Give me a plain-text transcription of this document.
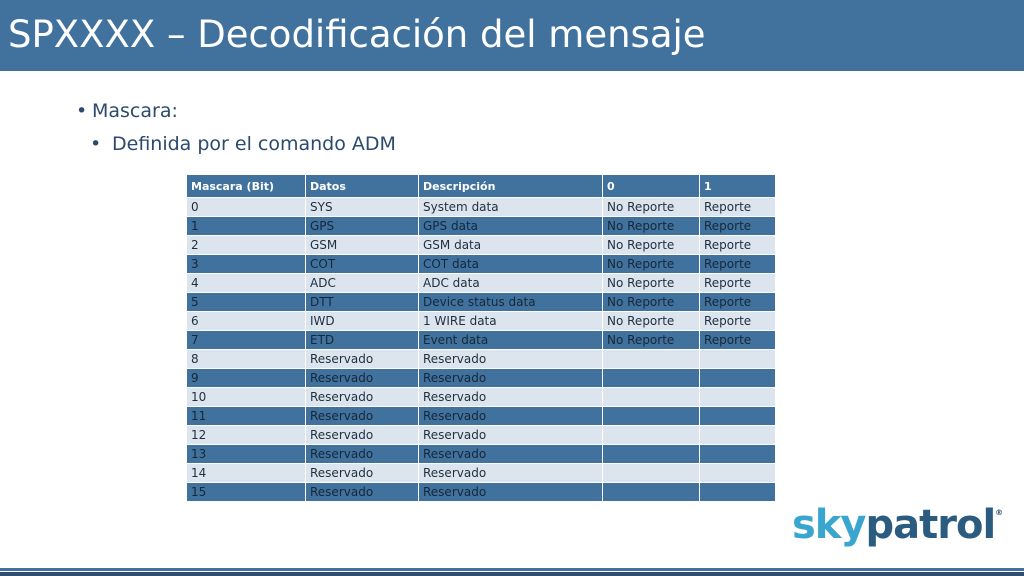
SPXXXX – Decodificación del mensaje
• Mascara:
• Definida por el comando ADM
Mascara (Bit)	Datos	Descripción	0	1
0	SYS	System data	No Reporte	Reporte
1	GPS	GPS data	No Reporte	Reporte
2	GSM	GSM data	No Reporte	Reporte
3	COT	COT data	No Reporte	Reporte
4	ADC	ADC data	No Reporte	Reporte
5	DTT	Device status data	No Reporte	Reporte
6	IWD	1 WIRE data	No Reporte	Reporte
7	ETD	Event data	No Reporte	Reporte
8	Reservado	Reservado		
9	Reservado	Reservado		
10	Reservado	Reservado		
11	Reservado	Reservado		
12	Reservado	Reservado		
13	Reservado	Reservado		
14	Reservado	Reservado		
15	Reservado	Reservado		
skypatrol®
